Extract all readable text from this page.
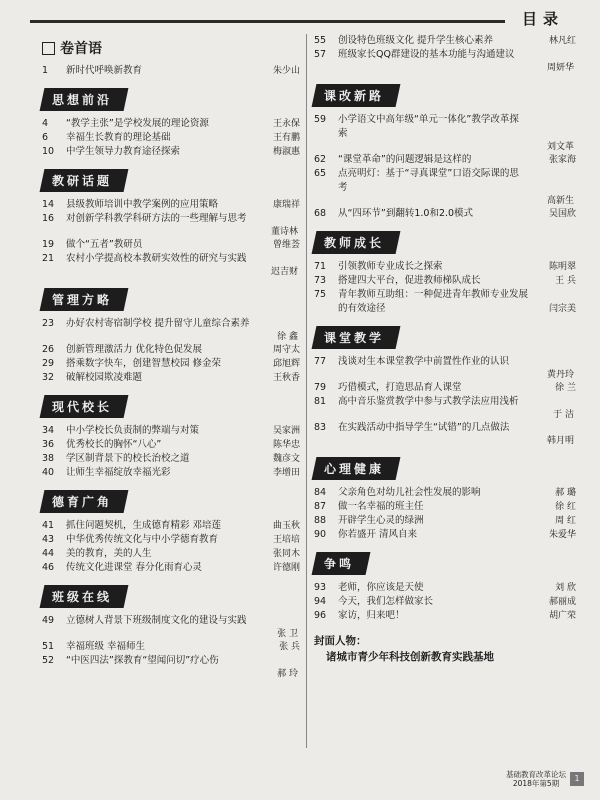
目录
卷首语
1	新时代呼唤新教育	朱少山
思想前沿
4	“教学主张”是学校发展的理论资源	王永保
6	幸福生长教育的理论基础	王有鹏
10	中学生领导力教育途径探索	梅淑惠
教研话题
14	县级教师培训中教学案例的应用策略	康瑞祥
16	对创新学科教学科研方法的一些理解与思考
董诗林
19	做个“五者”教研员	曾维荟
21	农村小学提高校本教研实效性的研究与实践
迟吉财
管理方略
23	办好农村寄宿制学校 提升留守儿童综合素养
徐 鑫
26	创新管理激活力 优化特色促发展	周守太
29	搭乘数字快车，创建智慧校园 修金荣	邱旭辉
32	破解校园欺凌难题	王秋香
现代校长
34	中小学校长负责制的弊端与对策	吴家洲
36	优秀校长的胸怀“八心”	陈华忠
38	学区制背景下的校长治校之道	魏彦文
40	让师生幸福绽放幸福光彩	李增田
德育广角
41	抓住问题契机，生成德育精彩 邓培莲	曲玉秋
43	中华优秀传统文化与中小学德育教育	王培培
44	美的教育，美的人生	张同木
46	传统文化进课堂 春分化雨育心灵	许德刚
班级在线
49	立德树人背景下班级制度文化的建设与实践
张 卫
51	幸福班级 幸福师生	张 兵
52	“中医四法”探教育“望闻问切”疗心伤
郝 玲
55	创设特色班级文化 提升学生核心素养	林凡红
57	班级家长QQ群建设的基本功能与沟通建议
周妍华
课改新路
59	小学语文中高年级“单元一体化”教学改革探
索
刘文革
62	“课堂革命”的问题逻辑是这样的	张家海
65	点亮明灯：基于“寻真课堂”口语交际课的思
考
高新生
68	从“四环节”到翻转1.0和2.0模式	吴国欣
教师成长
71	引领教师专业成长之探索	陈明翠
73	搭建四大平台，促进教师梯队成长	王 兵
75	青年教师互助组：一种促进青年教师专业发展
的有效途径	闫宗美
课堂教学
77	浅谈对生本课堂教学中前置性作业的认识
黄丹玲
79	巧借模式，打造思品育人课堂	徐 兰
81	高中音乐鉴赏教学中参与式教学法应用浅析
于 洁
83	在实践活动中指导学生“试错”的几点做法
韩月明
心理健康
84	父亲角色对幼儿社会性发展的影响	郝 璐
87	做一名幸福的班主任	徐 红
88	开辟学生心灵的绿洲	周 红
90	你若盛开 清风自来	朱爱华
争鸣
93	老师，你应该是天使	刘 欣
94	今天，我们怎样做家长	郝丽成
96	家访，归来吧！	胡广荣
封面人物：
诸城市青少年科技创新教育实践基地
基础教育改革论坛
2018年第5期
1
